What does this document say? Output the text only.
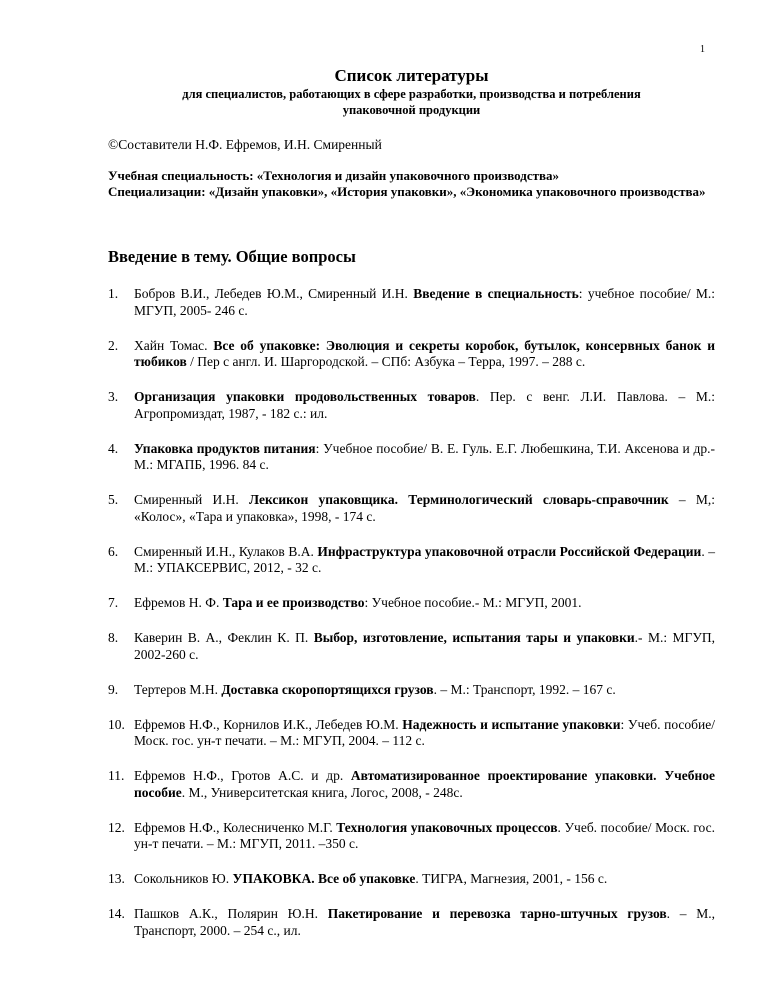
1
Список литературы
для специалистов, работающих в сфере разработки, производства и потребления
упаковочной продукции
©Составители Н.Ф. Ефремов, И.Н. Смиренный
Учебная специальность: «Технология и дизайн упаковочного производства»
Специализации: «Дизайн упаковки», «История упаковки», «Экономика упаковочного производства»
Введение в тему. Общие вопросы
1. Бобров В.И., Лебедев Ю.М., Смиренный И.Н. Введение в специальность: учебное пособие/ М.: МГУП, 2005- 246 с.
2. Хайн Томас. Все об упаковке: Эволюция и секреты коробок, бутылок, консервных банок и тюбиков / Пер с англ. И. Шаргородской. – СПб: Азбука – Терра, 1997. – 288 с.
3. Организация упаковки продовольственных товаров. Пер. с венг. Л.И. Павлова. – М.: Агропромиздат, 1987, - 182 с.: ил.
4. Упаковка продуктов питания: Учебное пособие/ В. Е. Гуль. Е.Г. Любешкина, Т.И. Аксенова и др.- М.: МГАПБ, 1996. 84 с.
5. Смиренный И.Н. Лексикон упаковщика. Терминологический словарь-справочник – М,: «Колос», «Тара и упаковка», 1998, - 174 с.
6. Смиренный И.Н., Кулаков В.А. Инфраструктура упаковочной отрасли Российской Федерации. – М.: УПАКСЕРВИС, 2012, - 32 с.
7. Ефремов Н. Ф. Тара и ее производство: Учебное пособие.- М.: МГУП, 2001.
8. Каверин В. А., Феклин К. П. Выбор, изготовление, испытания тары и упаковки.- М.: МГУП, 2002-260 с.
9. Тертеров М.Н. Доставка скоропортящихся грузов. – М.: Транспорт, 1992. – 167 с.
10. Ефремов Н.Ф., Корнилов И.К., Лебедев Ю.М. Надежность и испытание упаковки: Учеб. пособие/ Моск. гос. ун-т печати. – М.: МГУП, 2004. – 112 с.
11. Ефремов Н.Ф., Гротов А.С. и др. Автоматизированное проектирование упаковки. Учебное пособие. М., Университетская книга, Логос, 2008, - 248с.
12. Ефремов Н.Ф., Колесниченко М.Г. Технология упаковочных процессов. Учеб. пособие/ Моск. гос. ун-т печати. – М.: МГУП, 2011. –350 с.
13. Сокольников Ю. УПАКОВКА. Все об упаковке. ТИГРА, Магнезия, 2001, - 156 с.
14. Пашков А.К., Полярин Ю.Н. Пакетирование и перевозка тарно-штучных грузов. – М., Транспорт, 2000. – 254 с., ил.
